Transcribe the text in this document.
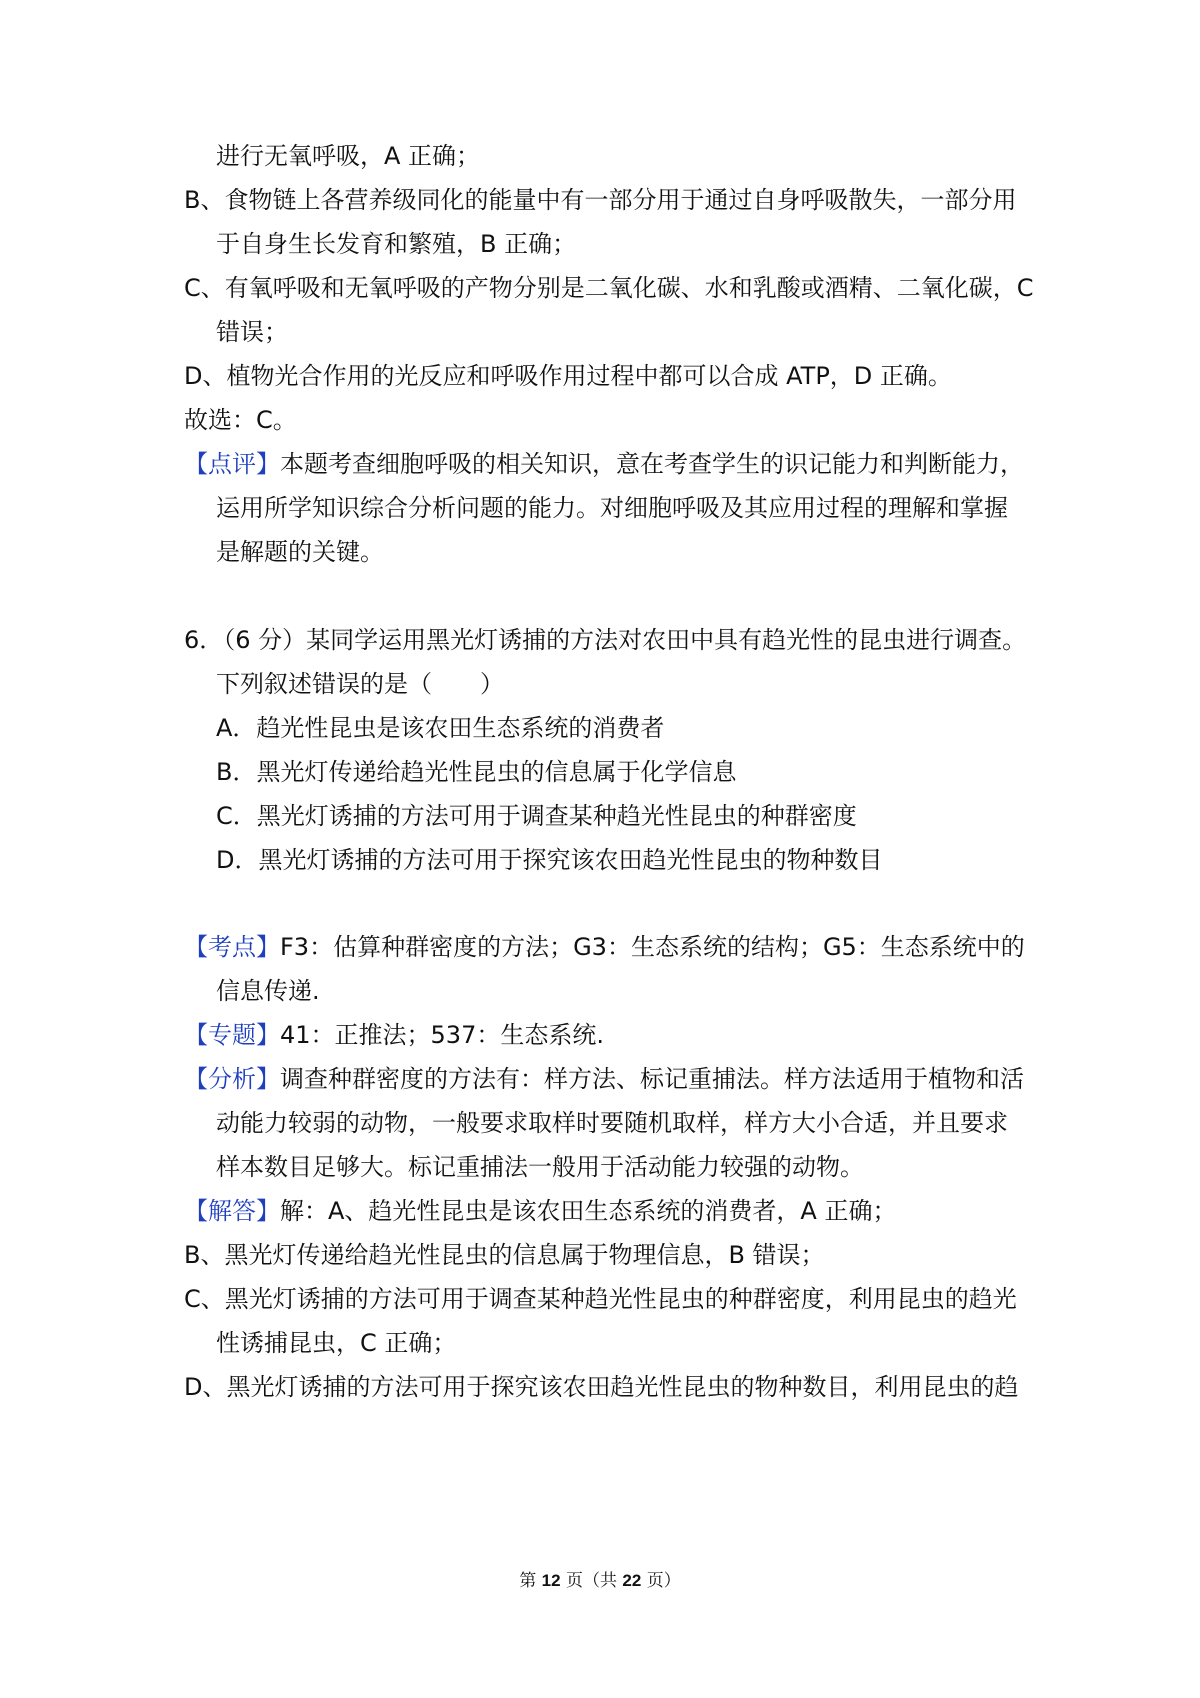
进行无氧呼吸，A 正确；
B、食物链上各营养级同化的能量中有一部分用于通过自身呼吸散失，一部分用
于自身生长发育和繁殖，B 正确；
C、有氧呼吸和无氧呼吸的产物分别是二氧化碳、水和乳酸或酒精、二氧化碳，C
错误；
D、植物光合作用的光反应和呼吸作用过程中都可以合成 ATP，D 正确。
故选：C。
【点评】本题考查细胞呼吸的相关知识，意在考查学生的识记能力和判断能力，
运用所学知识综合分析问题的能力。对细胞呼吸及其应用过程的理解和掌握
是解题的关键。
6．（6 分）某同学运用黑光灯诱捕的方法对农田中具有趋光性的昆虫进行调查。
下列叙述错误的是（　　）
A．趋光性昆虫是该农田生态系统的消费者
B．黑光灯传递给趋光性昆虫的信息属于化学信息
C．黑光灯诱捕的方法可用于调查某种趋光性昆虫的种群密度
D．黑光灯诱捕的方法可用于探究该农田趋光性昆虫的物种数目
【考点】F3：估算种群密度的方法；G3：生态系统的结构；G5：生态系统中的
信息传递.
【专题】41：正推法；537：生态系统.
【分析】调查种群密度的方法有：样方法、标记重捕法。样方法适用于植物和活
动能力较弱的动物，一般要求取样时要随机取样，样方大小合适，并且要求
样本数目足够大。标记重捕法一般用于活动能力较强的动物。
【解答】解：A、趋光性昆虫是该农田生态系统的消费者，A 正确；
B、黑光灯传递给趋光性昆虫的信息属于物理信息，B 错误；
C、黑光灯诱捕的方法可用于调查某种趋光性昆虫的种群密度，利用昆虫的趋光
性诱捕昆虫，C 正确；
D、黑光灯诱捕的方法可用于探究该农田趋光性昆虫的物种数目，利用昆虫的趋
第 12 页（共 22 页）
